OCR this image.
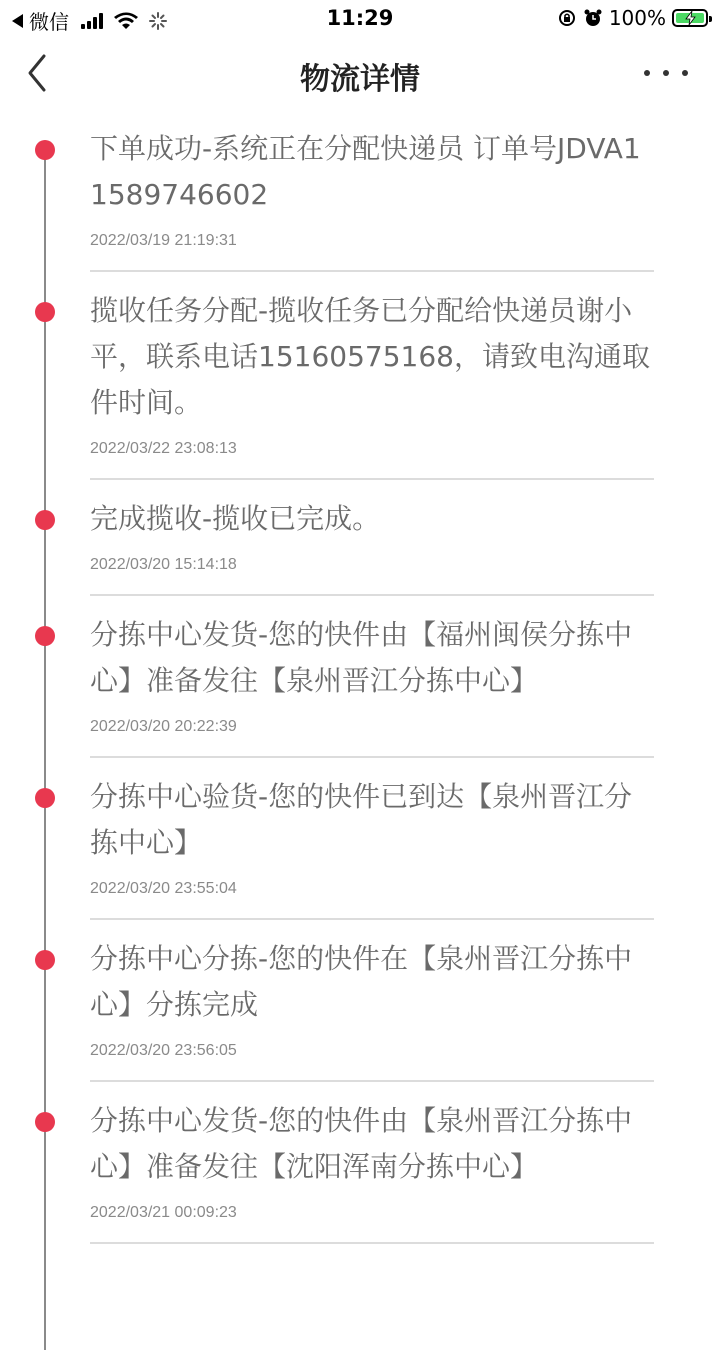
微信	11:29	100%
物流详情
下单成功-系统正在分配快递员 订单号JDVA11589746602
2022/03/19 21:19:31
揽收任务分配-揽收任务已分配给快递员谢小平，联系电话15160575168，请致电沟通取件时间。
2022/03/22 23:08:13
完成揽收-揽收已完成。
2022/03/20 15:14:18
分拣中心发货-您的快件由【福州闽侯分拣中心】准备发往【泉州晋江分拣中心】
2022/03/20 20:22:39
分拣中心验货-您的快件已到达【泉州晋江分拣中心】
2022/03/20 23:55:04
分拣中心分拣-您的快件在【泉州晋江分拣中心】分拣完成
2022/03/20 23:56:05
分拣中心发货-您的快件由【泉州晋江分拣中心】准备发往【沈阳浑南分拣中心】
2022/03/21 00:09:23
